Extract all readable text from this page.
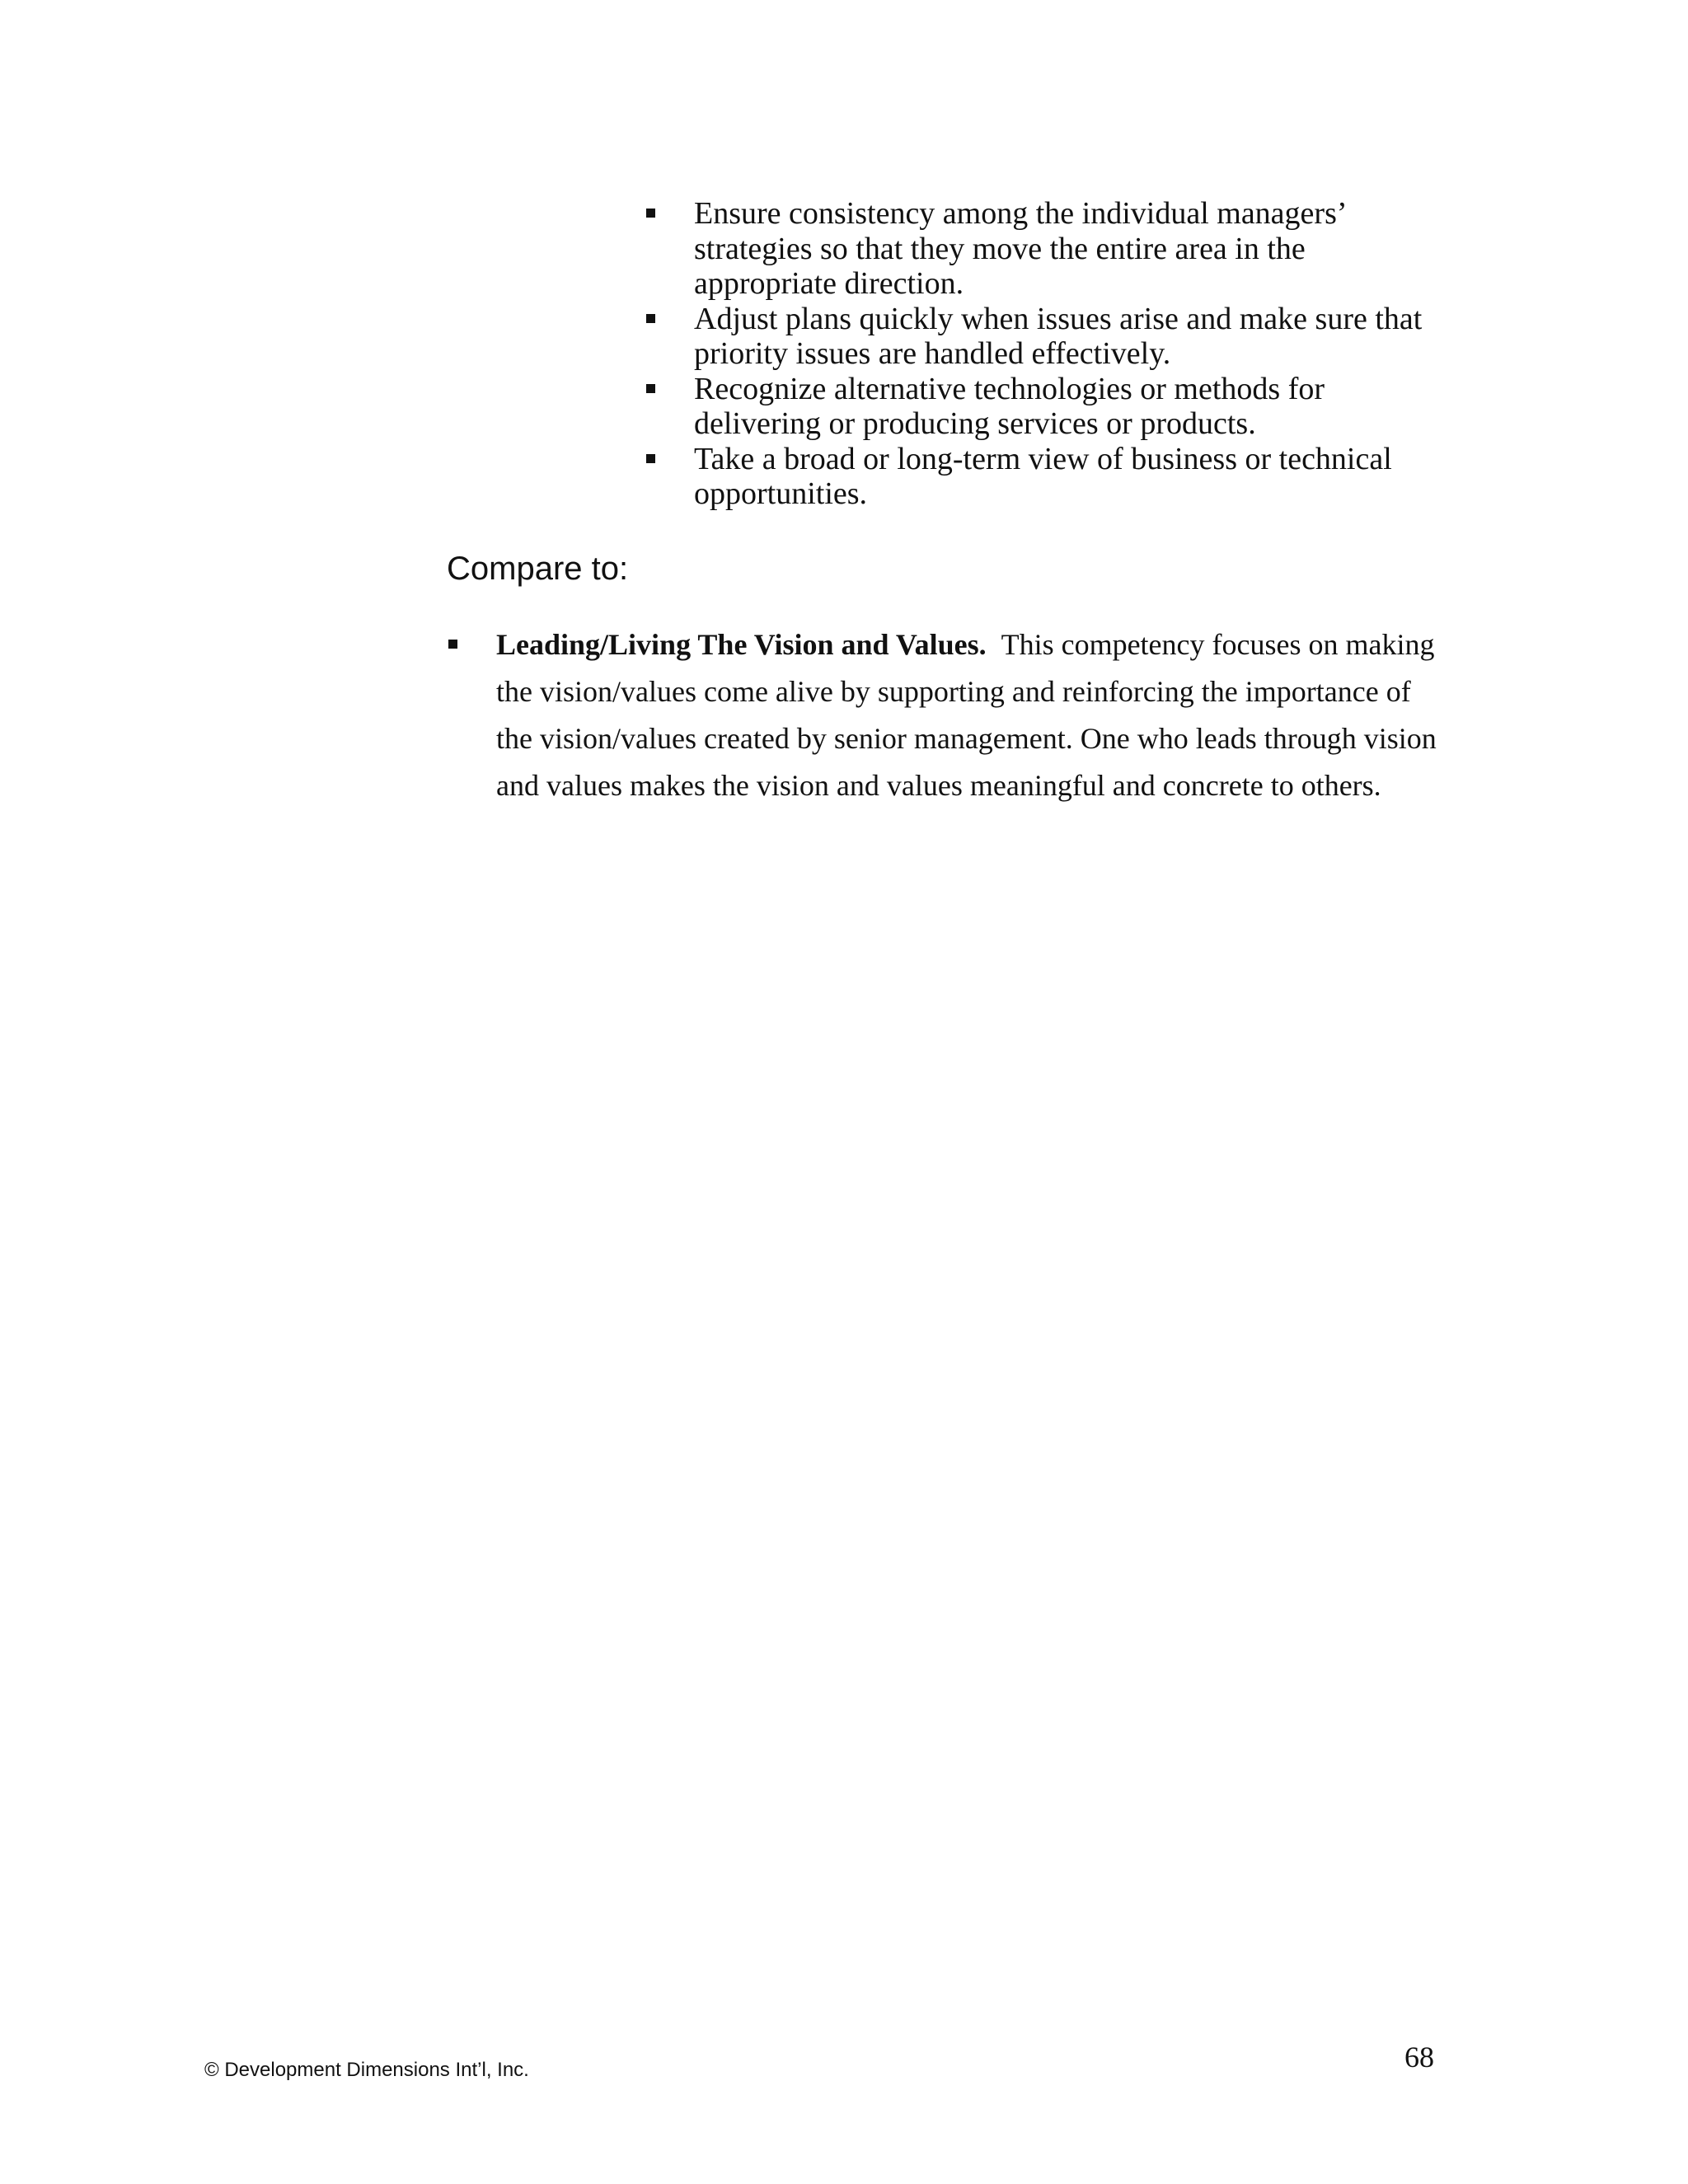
Ensure consistency among the individual managers’ strategies so that they move the entire area in the appropriate direction.
Adjust plans quickly when issues arise and make sure that priority issues are handled effectively.
Recognize alternative technologies or methods for delivering or producing services or products.
Take a broad or long-term view of business or technical opportunities.
Compare to:
Leading/Living The Vision and Values. This competency focuses on making the vision/values come alive by supporting and reinforcing the importance of the vision/values created by senior management. One who leads through vision and values makes the vision and values meaningful and concrete to others.
© Development Dimensions Int’l, Inc.	68
